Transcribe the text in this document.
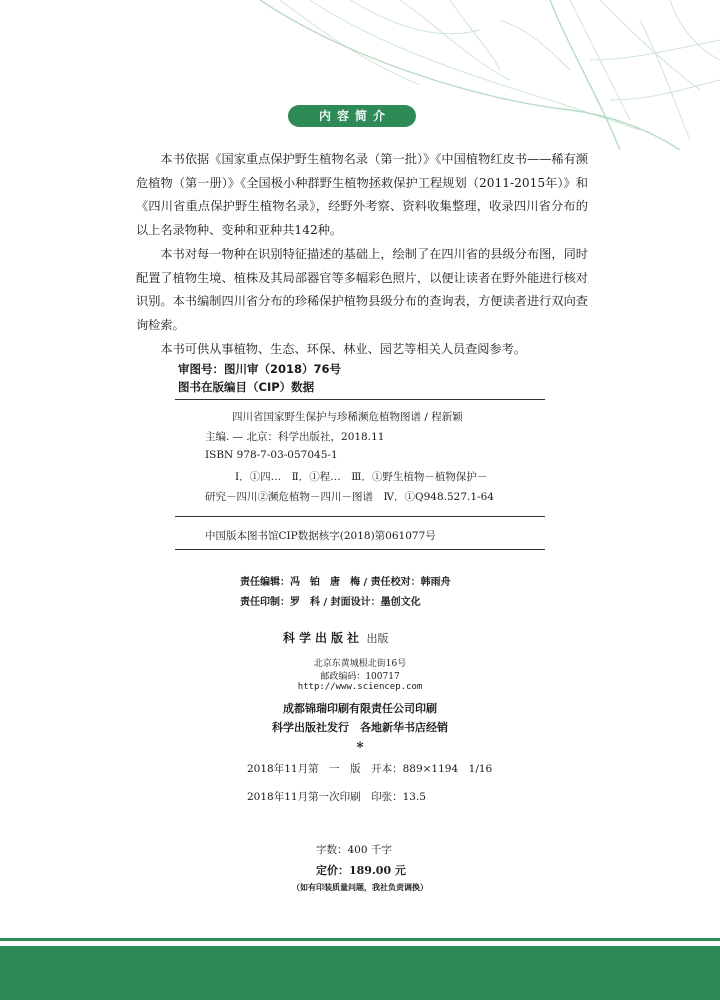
内容简介

本书依据《国家重点保护野生植物名录（第一批）》《中国植物红皮书——稀有濒危植物（第一册）》《全国极小种群野生植物拯救保护工程规划（2011-2015年）》和《四川省重点保护野生植物名录》，经野外考察、资料收集整理，收录四川省分布的以上名录物种、变种和亚种共142种。

本书对每一物种在识别特征描述的基础上，绘制了在四川省的县级分布图，同时配置了植物生境、植株及其局部器官等多幅彩色照片，以便让读者在野外能进行核对识别。本书编制四川省分布的珍稀保护植物县级分布的查询表，方便读者进行双向查询检索。

本书可供从事植物、生态、环保、林业、园艺等相关人员查阅参考。

审图号：图川审（2018）76号
图书在版编目（CIP）数据
四川省国家野生保护与珍稀濒危植物图谱 / 程新颖
主编. — 北京：科学出版社，2018.11
ISBN 978-7-03-057045-1
Ⅰ．①四…　Ⅱ．①程…　Ⅲ．①野生植物－植物保护－
研究－四川②濒危植物－四川－图谱　Ⅳ．①Q948.527.1-64
中国版本图书馆CIP数据核字(2018)第061077号
责任编辑：冯　铂　唐　梅 / 责任校对：韩雨舟
责任印制：罗　科 / 封面设计：墨创文化
科学出版社 出版
北京东黄城根北街16号
邮政编码：100717
http://www.sciencep.com
成都锦瑞印刷有限责任公司印刷
科学出版社发行　各地新华书店经销
*
2018年11月第　一　版　开本：889×1194　1/16
2018年11月第一次印刷　印张：13.5
字数：400 千字
定价：189.00 元
（如有印装质量问题，我社负责调换）
